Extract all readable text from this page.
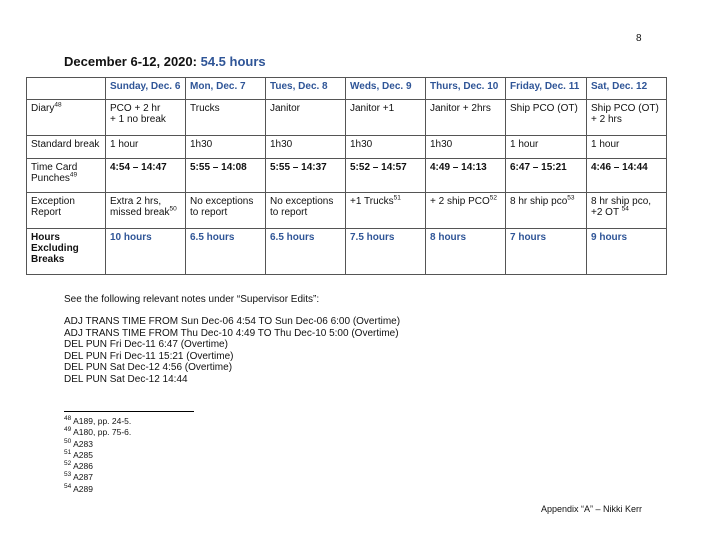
8
December 6-12, 2020: 54.5 hours
	Sunday, Dec. 6	Mon, Dec. 7	Tues, Dec. 8	Weds, Dec. 9	Thurs, Dec. 10	Friday, Dec. 11	Sat, Dec. 12
Diary$^{48}$	PCO + 2 hr
+ 1 no break	Trucks	Janitor	Janitor +1	Janitor + 2hrs	Ship PCO (OT)	Ship PCO (OT)
+ 2 hrs
Standard break	1 hour	1h30	1h30	1h30	1h30	1 hour	1 hour
Time Card Punches$^{49}$	4:54 – 14:47	5:55 – 14:08	5:55 – 14:37	5:52 – 14:57	4:49 – 14:13	6:47 – 15:21	4:46 – 14:44
Exception Report	Extra 2 hrs,
missed break$^{50}$	No exceptions
to report	No exceptions
to report	+1 Trucks$^{51}$	+ 2 ship PCO$^{52}$	8 hr ship pco$^{53}$	8 hr ship pco,
+2 OT $^{54}$
Hours
Excluding
Breaks	10 hours	6.5 hours	6.5 hours	7.5 hours	8 hours	7 hours	9 hours
See the following relevant notes under “Supervisor Edits”:
ADJ TRANS TIME FROM Sun Dec-06 4:54 TO Sun Dec-06 6:00 (Overtime)
ADJ TRANS TIME FROM Thu Dec-10 4:49 TO Thu Dec-10 5:00 (Overtime)
DEL PUN Fri Dec-11 6:47 (Overtime)
DEL PUN Fri Dec-11 15:21 (Overtime)
DEL PUN Sat Dec-12 4:56 (Overtime)
DEL PUN Sat Dec-12 14:44
$^{48}$ A189, pp. 24-5.
$^{49}$ A180, pp. 75-6.
$^{50}$ A283
$^{51}$ A285
$^{52}$ A286
$^{53}$ A287
$^{54}$ A289
Appendix “A” – Nikki Kerr
